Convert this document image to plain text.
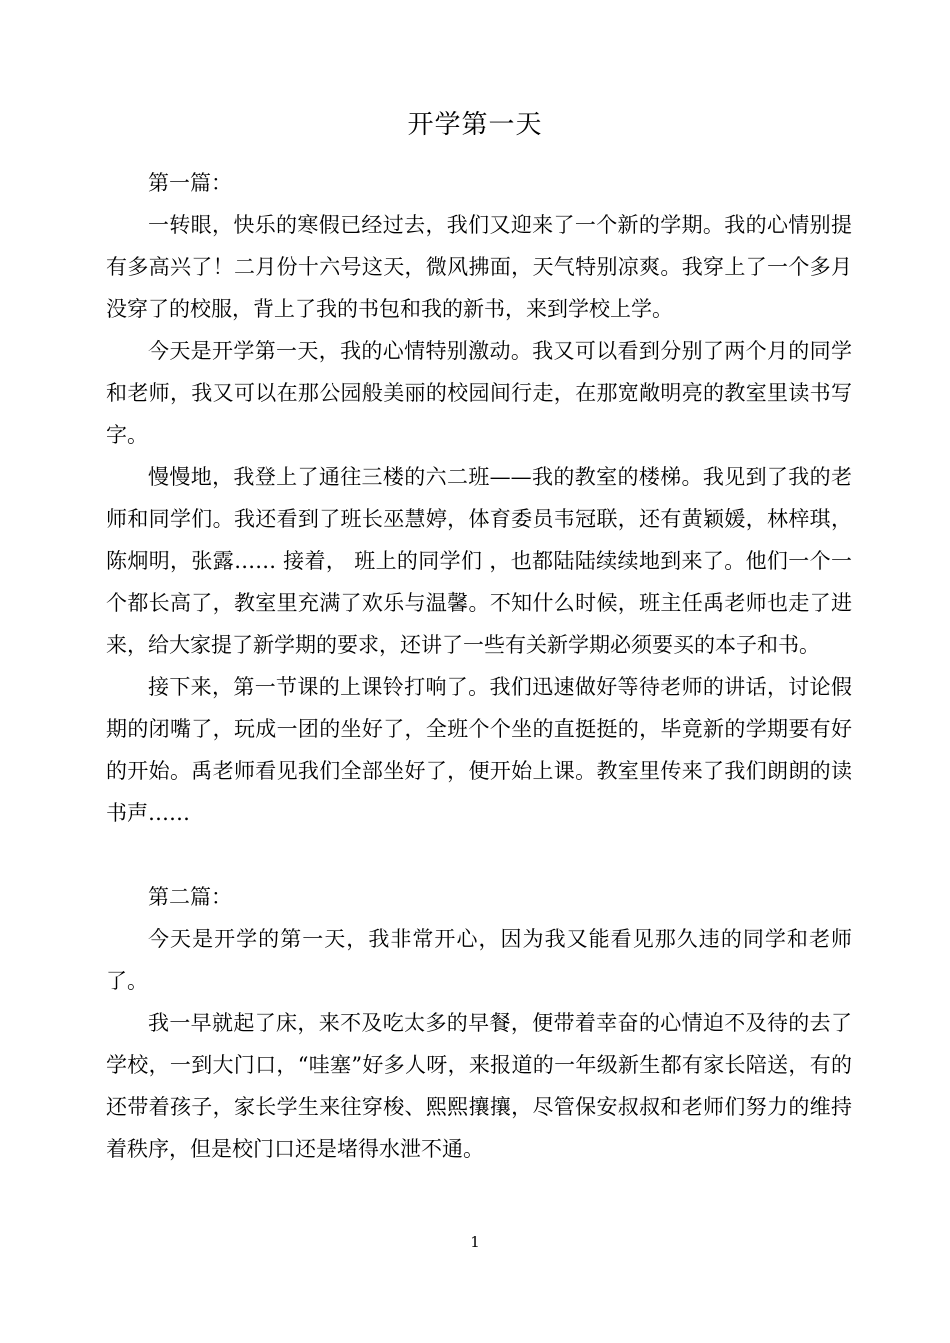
开学第一天

第一篇：

一转眼，快乐的寒假已经过去，我们又迎来了一个新的学期。我的心情别提有多高兴了！二月份十六号这天，微风拂面，天气特别凉爽。我穿上了一个多月没穿了的校服，背上了我的书包和我的新书，来到学校上学。

今天是开学第一天，我的心情特别激动。我又可以看到分别了两个月的同学和老师，我又可以在那公园般美丽的校园间行走，在那宽敞明亮的教室里读书写字。

慢慢地，我登上了通往三楼的六二班——我的教室的楼梯。我见到了我的老师和同学们。我还看到了班长巫慧婷，体育委员韦冠联，还有黄颖媛，林梓琪，陈炯明，张露…… 接着， 班上的同学们 ，也都陆陆续续地到来了。他们一个一个都长高了，教室里充满了欢乐与温馨。不知什么时候，班主任禹老师也走了进来，给大家提了新学期的要求，还讲了一些有关新学期必须要买的本子和书。

接下来，第一节课的上课铃打响了。我们迅速做好等待老师的讲话，讨论假期的闭嘴了，玩成一团的坐好了，全班个个坐的直挺挺的，毕竟新的学期要有好的开始。禹老师看见我们全部坐好了，便开始上课。教室里传来了我们朗朗的读书声……

第二篇：

今天是开学的第一天，我非常开心，因为我又能看见那久违的同学和老师了。

我一早就起了床，来不及吃太多的早餐，便带着幸奋的心情迫不及待的去了学校，一到大门口，“哇塞”好多人呀，来报道的一年级新生都有家长陪送，有的还带着孩子，家长学生来往穿梭、熙熙攘攘，尽管保安叔叔和老师们努力的维持着秩序，但是校门口还是堵得水泄不通。

1
